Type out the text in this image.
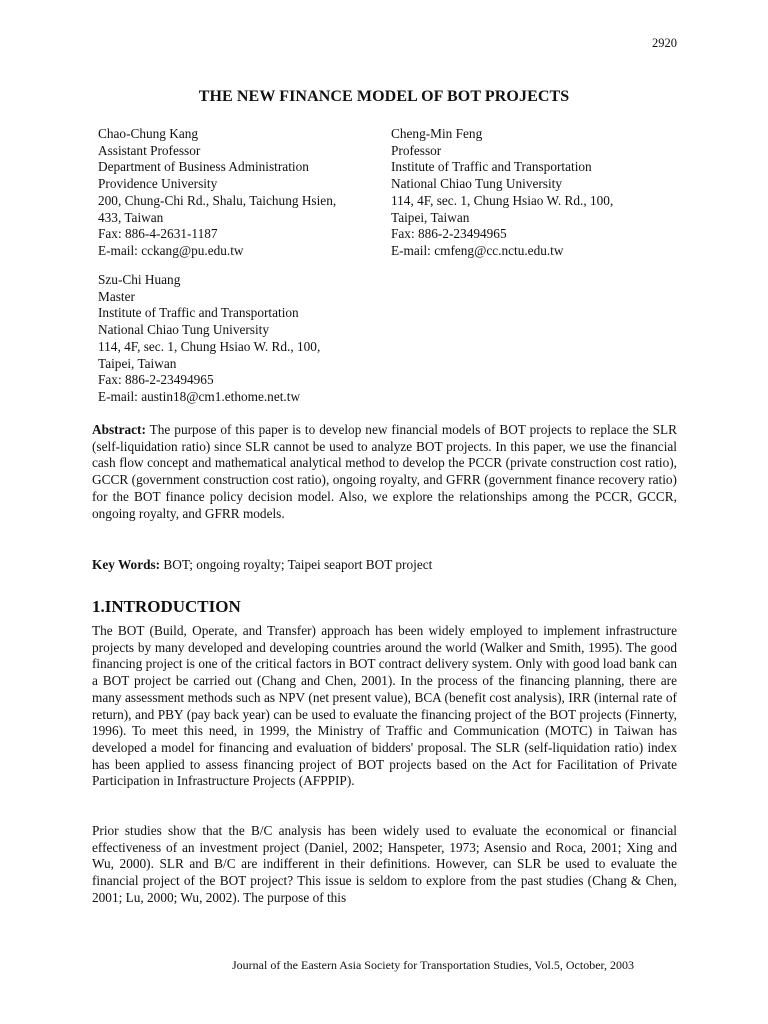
2920
THE NEW FINANCE MODEL OF BOT PROJECTS
Chao-Chung Kang
Assistant Professor
Department of Business Administration
Providence University
200, Chung-Chi Rd., Shalu, Taichung Hsien,
433, Taiwan
Fax: 886-4-2631-1187
E-mail: cckang@pu.edu.tw
Cheng-Min Feng
Professor
Institute of Traffic and Transportation
National Chiao Tung University
114, 4F, sec. 1, Chung Hsiao W. Rd., 100,
Taipei, Taiwan
Fax: 886-2-23494965
E-mail: cmfeng@cc.nctu.edu.tw
Szu-Chi Huang
Master
Institute of Traffic and Transportation
National Chiao Tung University
114, 4F, sec. 1, Chung Hsiao W. Rd., 100,
Taipei, Taiwan
Fax: 886-2-23494965
E-mail: austin18@cm1.ethome.net.tw

Abstract: The purpose of this paper is to develop new financial models of BOT projects to replace the SLR (self-liquidation ratio) since SLR cannot be used to analyze BOT projects. In this paper, we use the financial cash flow concept and mathematical analytical method to develop the PCCR (private construction cost ratio), GCCR (government construction cost ratio), ongoing royalty, and GFRR (government finance recovery ratio) for the BOT finance policy decision model. Also, we explore the relationships among the PCCR, GCCR, ongoing royalty, and GFRR models.

Key Words: BOT; ongoing royalty; Taipei seaport BOT project

1.INTRODUCTION

The BOT (Build, Operate, and Transfer) approach has been widely employed to implement infrastructure projects by many developed and developing countries around the world (Walker and Smith, 1995). The good financing project is one of the critical factors in BOT contract delivery system. Only with good load bank can a BOT project be carried out (Chang and Chen, 2001). In the process of the financing planning, there are many assessment methods such as NPV (net present value), BCA (benefit cost analysis), IRR (internal rate of return), and PBY (pay back year) can be used to evaluate the financing project of the BOT projects (Finnerty, 1996). To meet this need, in 1999, the Ministry of Traffic and Communication (MOTC) in Taiwan has developed a model for financing and evaluation of bidders' proposal. The SLR (self-liquidation ratio) index has been applied to assess financing project of BOT projects based on the Act for Facilitation of Private Participation in Infrastructure Projects (AFPPIP).

Prior studies show that the B/C analysis has been widely used to evaluate the economical or financial effectiveness of an investment project (Daniel, 2002; Hanspeter, 1973; Asensio and Roca, 2001; Xing and Wu, 2000). SLR and B/C are indifferent in their definitions. However, can SLR be used to evaluate the financial project of the BOT project? This issue is seldom to explore from the past studies (Chang & Chen, 2001; Lu, 2000; Wu, 2002). The purpose of this

Journal of the Eastern Asia Society for Transportation Studies, Vol.5, October, 2003
